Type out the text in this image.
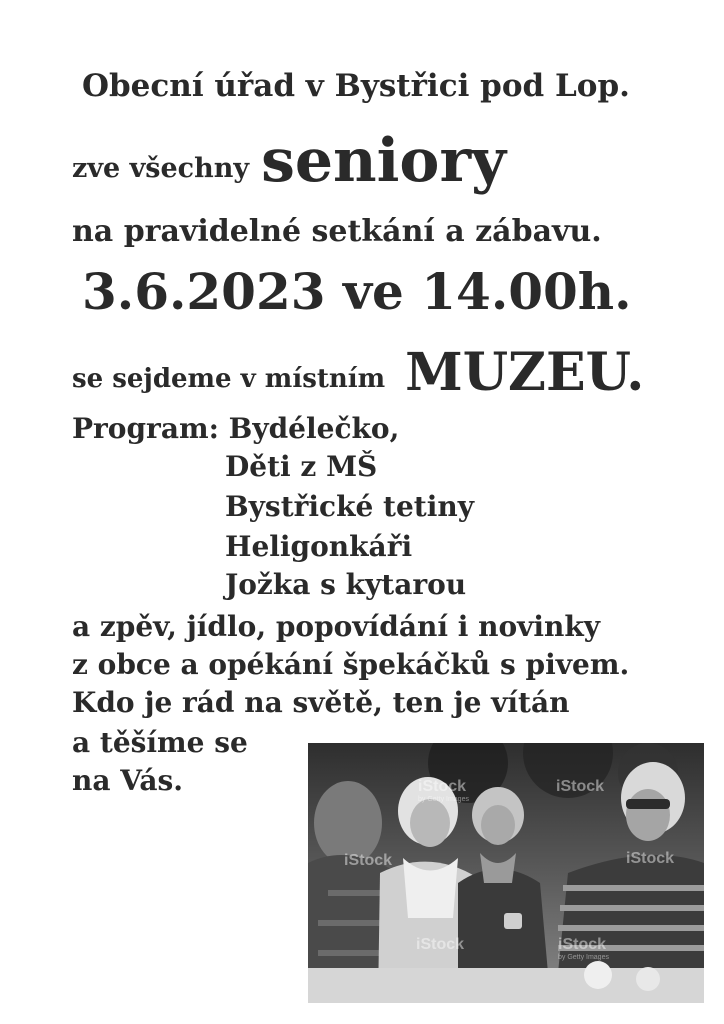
Obecní úřad v Bystřici pod Lop.
zve všechny seniory
na pravidelné setkání a zábavu.
3.6.2023 ve 14.00h.
se sejdeme v místním MUZEU.
Program: Bydélečko,
Děti z MŠ
Bystřické tetiny
Heligonkáři
Jožka s kytarou
a zpěv, jídlo, popovídání i novinky
z obce a opékání špekáčků s pivem.
Kdo je rád na světě, ten je vítán
a těšíme se
na Vás.	iStock	iStock
iStock	iStock
iStock	iStock
by Getty Images
by Getty Images
